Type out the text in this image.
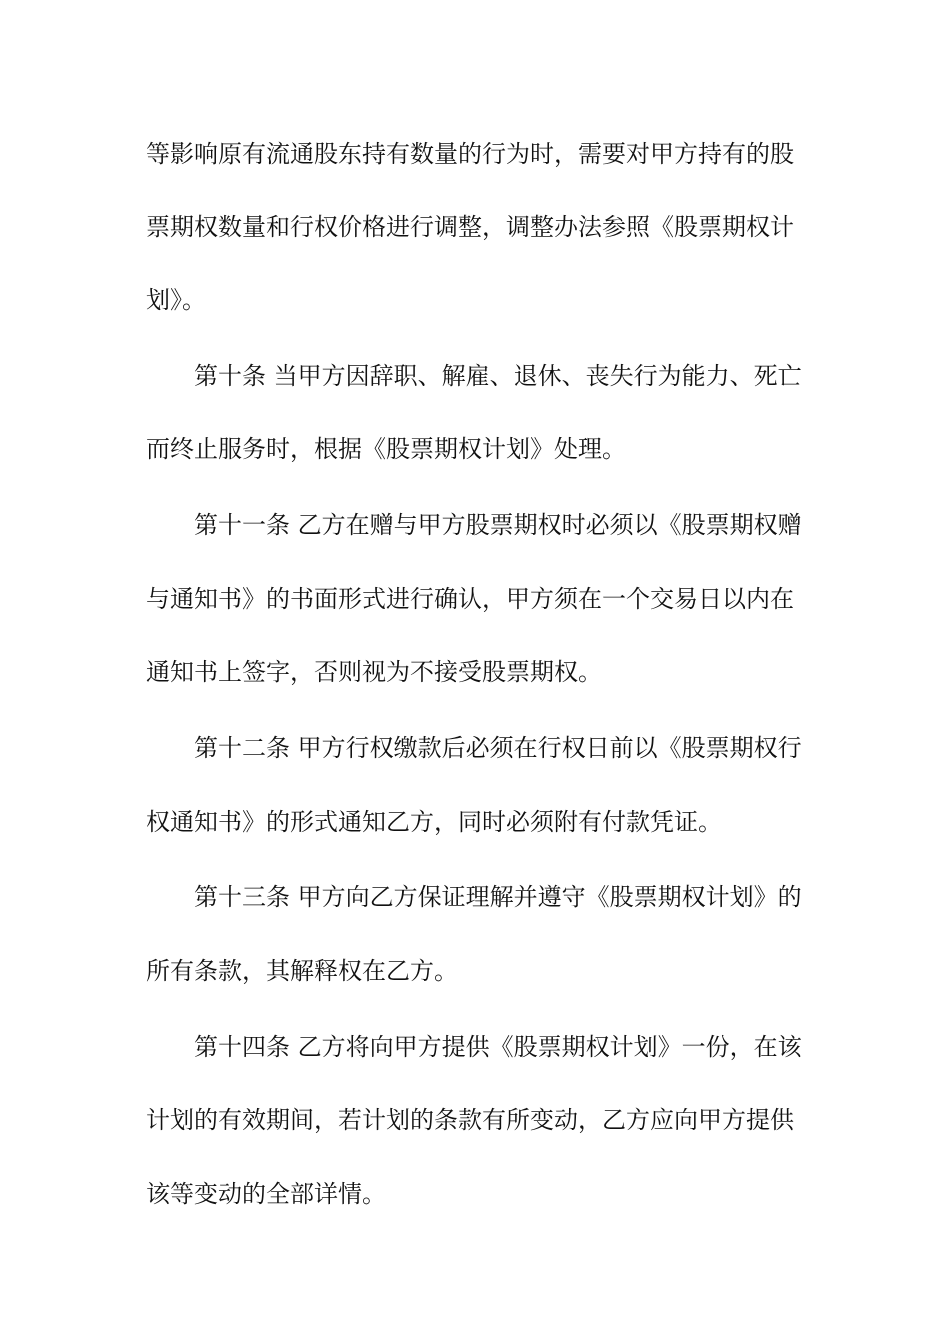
等影响原有流通股东持有数量的行为时，需要对甲方持有的股
票期权数量和行权价格进行调整，调整办法参照《股票期权计
划》。
第十条 当甲方因辞职、解雇、退休、丧失行为能力、死亡
而终止服务时，根据《股票期权计划》处理。
第十一条 乙方在赠与甲方股票期权时必须以《股票期权赠
与通知书》的书面形式进行确认，甲方须在一个交易日以内在
通知书上签字，否则视为不接受股票期权。
第十二条 甲方行权缴款后必须在行权日前以《股票期权行
权通知书》的形式通知乙方，同时必须附有付款凭证。
第十三条 甲方向乙方保证理解并遵守《股票期权计划》的
所有条款，其解释权在乙方。
第十四条 乙方将向甲方提供《股票期权计划》一份，在该
计划的有效期间，若计划的条款有所变动，乙方应向甲方提供
该等变动的全部详情。
